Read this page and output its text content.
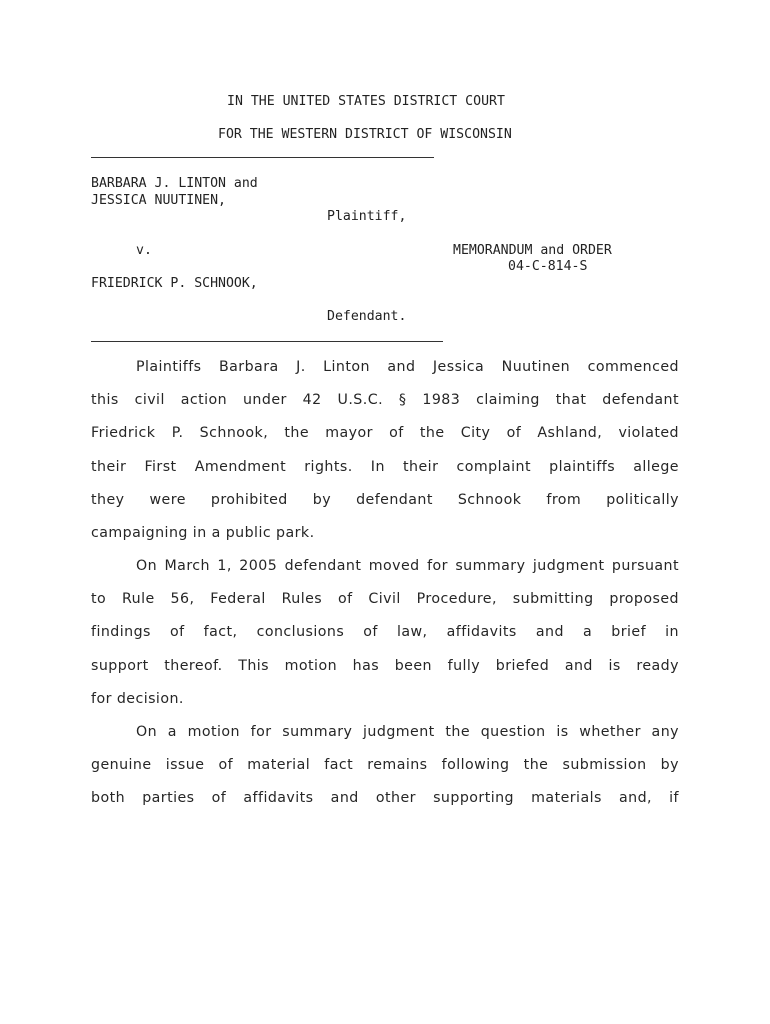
IN THE UNITED STATES DISTRICT COURT
FOR THE WESTERN DISTRICT OF WISCONSIN
BARBARA J. LINTON and
JESSICA NUUTINEN,
Plaintiff,
v.	MEMORANDUM and ORDER
04-C-814-S
FRIEDRICK P. SCHNOOK,
Defendant.
Plaintiffs Barbara J. Linton and Jessica Nuutinen commenced
this civil action under 42 U.S.C. § 1983 claiming that defendant
Friedrick P. Schnook, the mayor of the City of Ashland, violated
their First Amendment rights. In their complaint plaintiffs allege
they were prohibited by defendant Schnook from politically
campaigning in a public park.
On March 1, 2005 defendant moved for summary judgment pursuant
to Rule 56, Federal Rules of Civil Procedure, submitting proposed
findings of fact, conclusions of law, affidavits and a brief in
support thereof. This motion has been fully briefed and is ready
for decision.
On a motion for summary judgment the question is whether any
genuine issue of material fact remains following the submission by
both parties of affidavits and other supporting materials and, if
